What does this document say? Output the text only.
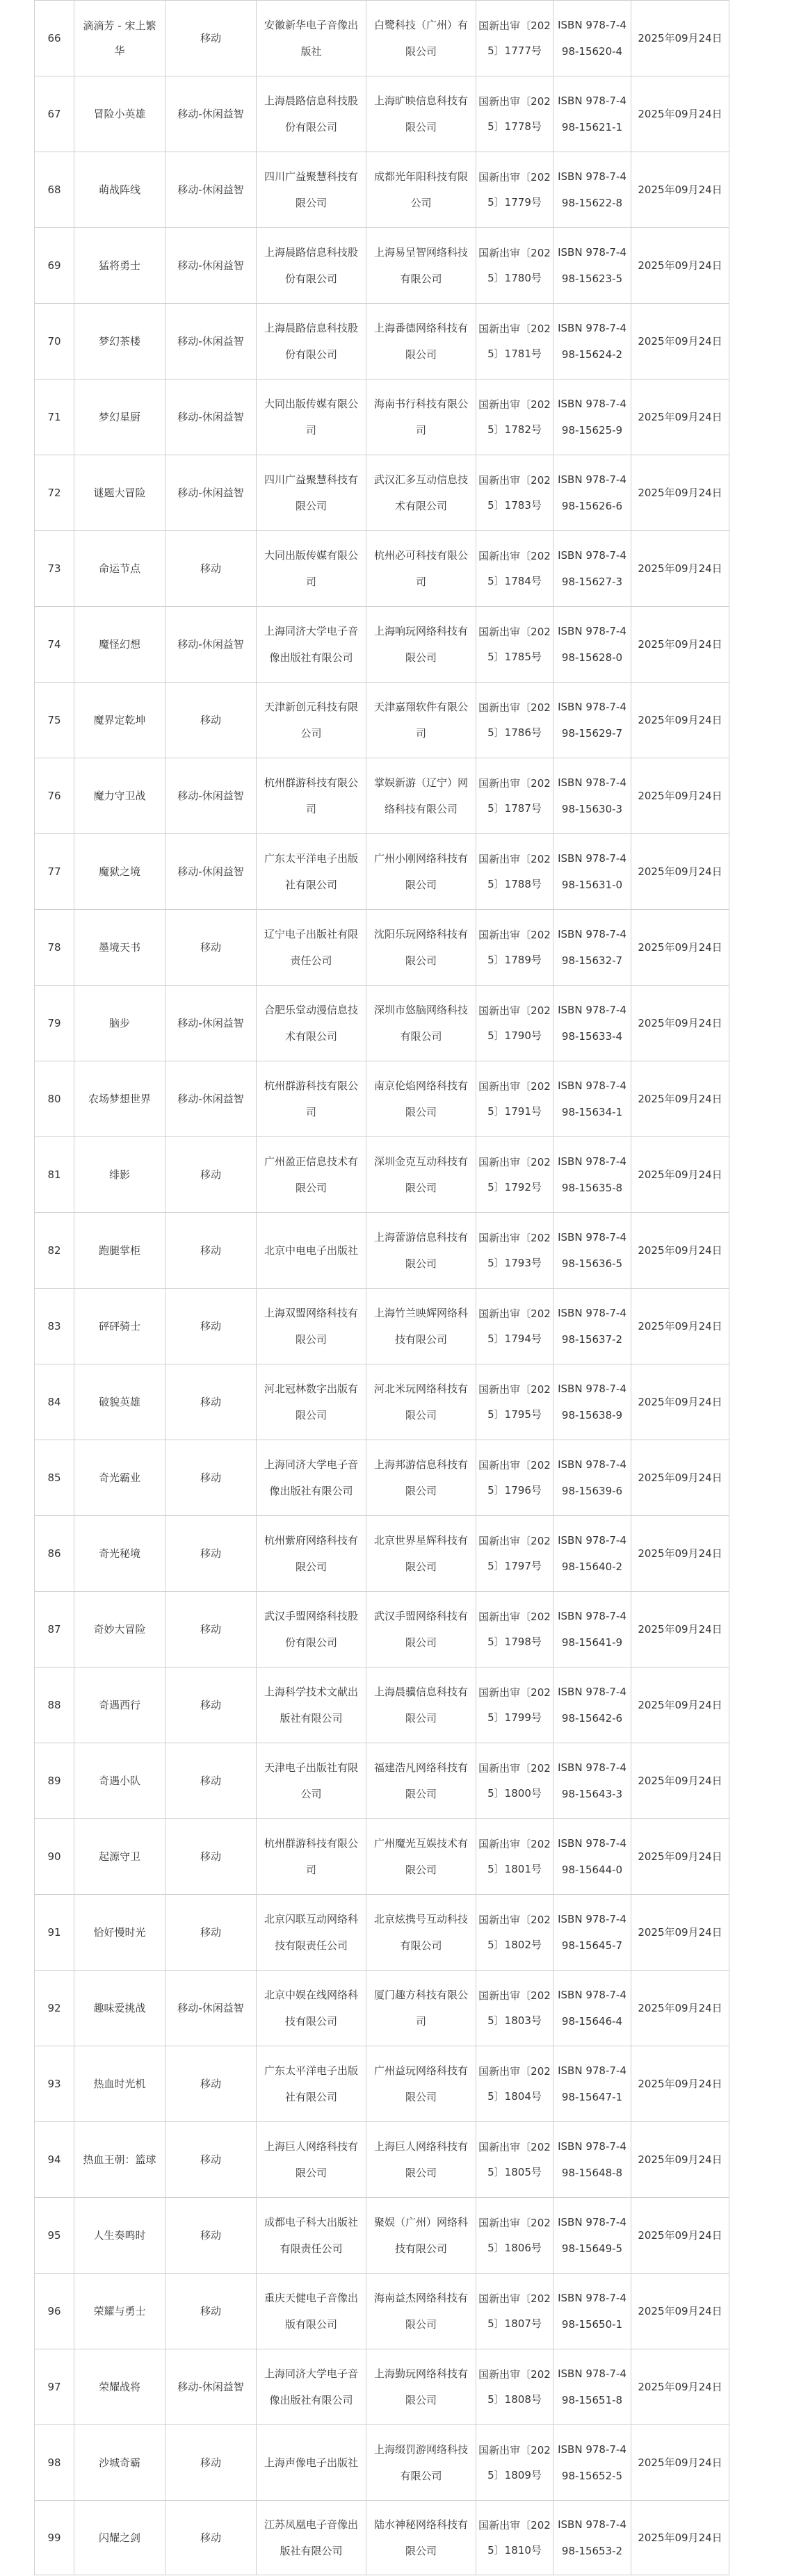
66	滴滴芳 - 宋上繁华	移动	安徽新华电子音像出版社	白鹭科技（广州）有限公司	国新出审〔2025〕1777号	ISBN 978-7-498-15620-4	2025年09月24日
67	冒险小英雄	移动-休闲益智	上海晨路信息科技股份有限公司	上海旷映信息科技有限公司	国新出审〔2025〕1778号	ISBN 978-7-498-15621-1	2025年09月24日
68	萌战阵线	移动-休闲益智	四川广益聚慧科技有限公司	成都光年阳科技有限公司	国新出审〔2025〕1779号	ISBN 978-7-498-15622-8	2025年09月24日
69	猛将勇士	移动-休闲益智	上海晨路信息科技股份有限公司	上海易呈智网络科技有限公司	国新出审〔2025〕1780号	ISBN 978-7-498-15623-5	2025年09月24日
70	梦幻茶楼	移动-休闲益智	上海晨路信息科技股份有限公司	上海番德网络科技有限公司	国新出审〔2025〕1781号	ISBN 978-7-498-15624-2	2025年09月24日
71	梦幻星厨	移动-休闲益智	大同出版传媒有限公司	海南书行科技有限公司	国新出审〔2025〕1782号	ISBN 978-7-498-15625-9	2025年09月24日
72	谜题大冒险	移动-休闲益智	四川广益聚慧科技有限公司	武汉汇多互动信息技术有限公司	国新出审〔2025〕1783号	ISBN 978-7-498-15626-6	2025年09月24日
73	命运节点	移动	大同出版传媒有限公司	杭州必可科技有限公司	国新出审〔2025〕1784号	ISBN 978-7-498-15627-3	2025年09月24日
74	魔怪幻想	移动-休闲益智	上海同济大学电子音像出版社有限公司	上海响玩网络科技有限公司	国新出审〔2025〕1785号	ISBN 978-7-498-15628-0	2025年09月24日
75	魔界定乾坤	移动	天津新创元科技有限公司	天津嘉翔软件有限公司	国新出审〔2025〕1786号	ISBN 978-7-498-15629-7	2025年09月24日
76	魔力守卫战	移动-休闲益智	杭州群游科技有限公司	掌娱新游（辽宁）网络科技有限公司	国新出审〔2025〕1787号	ISBN 978-7-498-15630-3	2025年09月24日
77	魔狱之境	移动-休闲益智	广东太平洋电子出版社有限公司	广州小刚网络科技有限公司	国新出审〔2025〕1788号	ISBN 978-7-498-15631-0	2025年09月24日
78	墨境天书	移动	辽宁电子出版社有限责任公司	沈阳乐玩网络科技有限公司	国新出审〔2025〕1789号	ISBN 978-7-498-15632-7	2025年09月24日
79	脑步	移动-休闲益智	合肥乐堂动漫信息技术有限公司	深圳市悠脑网络科技有限公司	国新出审〔2025〕1790号	ISBN 978-7-498-15633-4	2025年09月24日
80	农场梦想世界	移动-休闲益智	杭州群游科技有限公司	南京伦焰网络科技有限公司	国新出审〔2025〕1791号	ISBN 978-7-498-15634-1	2025年09月24日
81	绯影	移动	广州盈正信息技术有限公司	深圳金克互动科技有限公司	国新出审〔2025〕1792号	ISBN 978-7-498-15635-8	2025年09月24日
82	跑腿掌柜	移动	北京中电电子出版社	上海蕾游信息科技有限公司	国新出审〔2025〕1793号	ISBN 978-7-498-15636-5	2025年09月24日
83	砰砰骑士	移动	上海双盟网络科技有限公司	上海竹兰映辉网络科技有限公司	国新出审〔2025〕1794号	ISBN 978-7-498-15637-2	2025年09月24日
84	破貌英雄	移动	河北冠林数字出版有限公司	河北米玩网络科技有限公司	国新出审〔2025〕1795号	ISBN 978-7-498-15638-9	2025年09月24日
85	奇光霸业	移动	上海同济大学电子音像出版社有限公司	上海邦游信息科技有限公司	国新出审〔2025〕1796号	ISBN 978-7-498-15639-6	2025年09月24日
86	奇光秘境	移动	杭州紫府网络科技有限公司	北京世界星辉科技有限公司	国新出审〔2025〕1797号	ISBN 978-7-498-15640-2	2025年09月24日
87	奇妙大冒险	移动	武汉手盟网络科技股份有限公司	武汉手盟网络科技有限公司	国新出审〔2025〕1798号	ISBN 978-7-498-15641-9	2025年09月24日
88	奇遇西行	移动	上海科学技术文献出版社有限公司	上海晨骥信息科技有限公司	国新出审〔2025〕1799号	ISBN 978-7-498-15642-6	2025年09月24日
89	奇遇小队	移动	天津电子出版社有限公司	福建浩凡网络科技有限公司	国新出审〔2025〕1800号	ISBN 978-7-498-15643-3	2025年09月24日
90	起源守卫	移动	杭州群游科技有限公司	广州魔光互娱技术有限公司	国新出审〔2025〕1801号	ISBN 978-7-498-15644-0	2025年09月24日
91	恰好慢时光	移动	北京闪联互动网络科技有限责任公司	北京炫携号互动科技有限公司	国新出审〔2025〕1802号	ISBN 978-7-498-15645-7	2025年09月24日
92	趣味爱挑战	移动-休闲益智	北京中娱在线网络科技有限公司	厦门趣方科技有限公司	国新出审〔2025〕1803号	ISBN 978-7-498-15646-4	2025年09月24日
93	热血时光机	移动	广东太平洋电子出版社有限公司	广州益玩网络科技有限公司	国新出审〔2025〕1804号	ISBN 978-7-498-15647-1	2025年09月24日
94	热血王朝：篮球	移动	上海巨人网络科技有限公司	上海巨人网络科技有限公司	国新出审〔2025〕1805号	ISBN 978-7-498-15648-8	2025年09月24日
95	人生奏鸣时	移动	成都电子科大出版社有限责任公司	聚娱（广州）网络科技有限公司	国新出审〔2025〕1806号	ISBN 978-7-498-15649-5	2025年09月24日
96	荣耀与勇士	移动	重庆天健电子音像出版有限公司	海南益杰网络科技有限公司	国新出审〔2025〕1807号	ISBN 978-7-498-15650-1	2025年09月24日
97	荣耀战将	移动-休闲益智	上海同济大学电子音像出版社有限公司	上海勤玩网络科技有限公司	国新出审〔2025〕1808号	ISBN 978-7-498-15651-8	2025年09月24日
98	沙城奇霸	移动	上海声像电子出版社	上海缀罚游网络科技有限公司	国新出审〔2025〕1809号	ISBN 978-7-498-15652-5	2025年09月24日
99	闪耀之剑	移动	江苏凤凰电子音像出版社有限公司	陆水神秘网络科技有限公司	国新出审〔2025〕1810号	ISBN 978-7-498-15653-2	2025年09月24日
